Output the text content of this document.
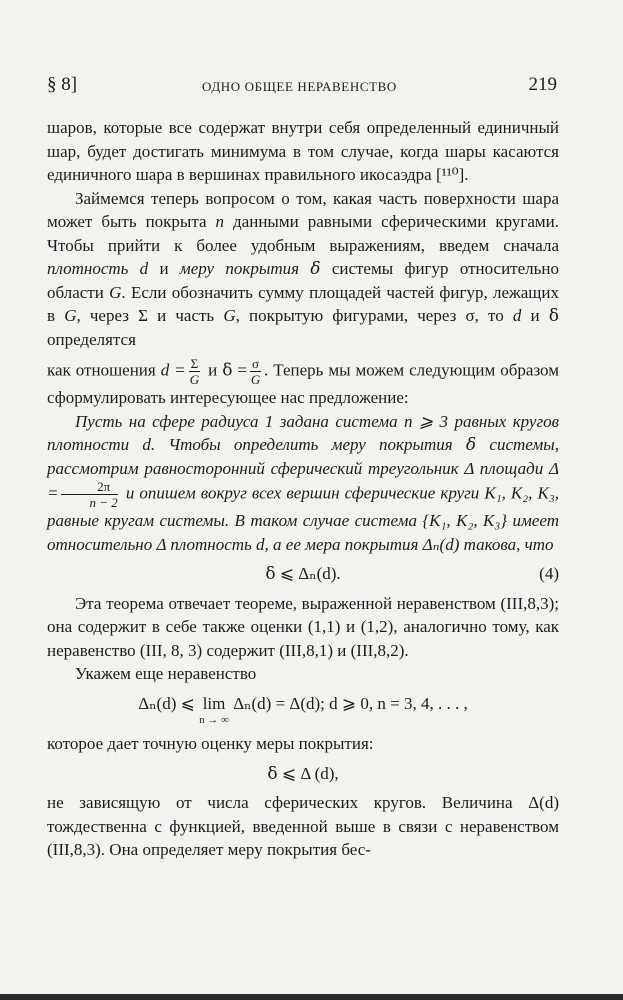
§ 8]	ОДНО ОБЩЕЕ НЕРАВЕНСТВО	219

шаров, которые все содержат внутри себя определенный единичный шар, будет достигать минимума в том случае, когда шары касаются единичного шара в вершинах правильного икосаэдра [¹¹⁰].

Займемся теперь вопросом о том, какая часть поверхности шара может быть покрыта n данными равными сферическими кругами. Чтобы прийти к более удобным выражениям, введем сначала плотность d и меру покрытия ẟ системы фигур относительно области G. Если обозначить сумму площадей частей фигур, лежащих в G, через Σ и часть G, покрытую фигурами, через σ, то d и ẟ определятся

как отношения $d = \frac{\Sigma}{G}$ и ẟ = $\frac{\sigma}{G}$ . Теперь мы можем следующим образом сформулировать интересующее нас предложение:

Пусть на сфере радиуса 1 задана система n ⩾ 3 равных кругов плотности d. Чтобы определить меру покрытия ẟ системы, рассмотрим равносторонний сферический треугольник Δ площади $\Delta = \frac{2\pi}{n - 2}$ и опишем вокруг всех вершин сферические круги K₁, K₂, K₃, равные кругам системы. В таком случае система {K₁, K₂, K₃} имеет относительно Δ плотность d, а ее мера покрытия Δₙ(d) такова, что

ẟ ⩽ Δₙ(d).	(4)

Эта теорема отвечает теореме, выраженной неравенством (III,8,3); она содержит в себе также оценки (1,1) и (1,2), аналогично тому, как неравенство (III, 8, 3) содержит (III,8,1) и (III,8,2).

Укажем еще неравенство

Δₙ(d) ⩽ lim
n → ∞
Δₙ(d) = Δ(d); d ⩾ 0, n = 3, 4, . . . ,

которое дает точную оценку меры покрытия:

ẟ ⩽ Δ (d),

не зависящую от числа сферических кругов. Величина Δ(d) тождественна с функцией, введенной выше в связи с неравенством (III,8,3). Она определяет меру покрытия бес-
